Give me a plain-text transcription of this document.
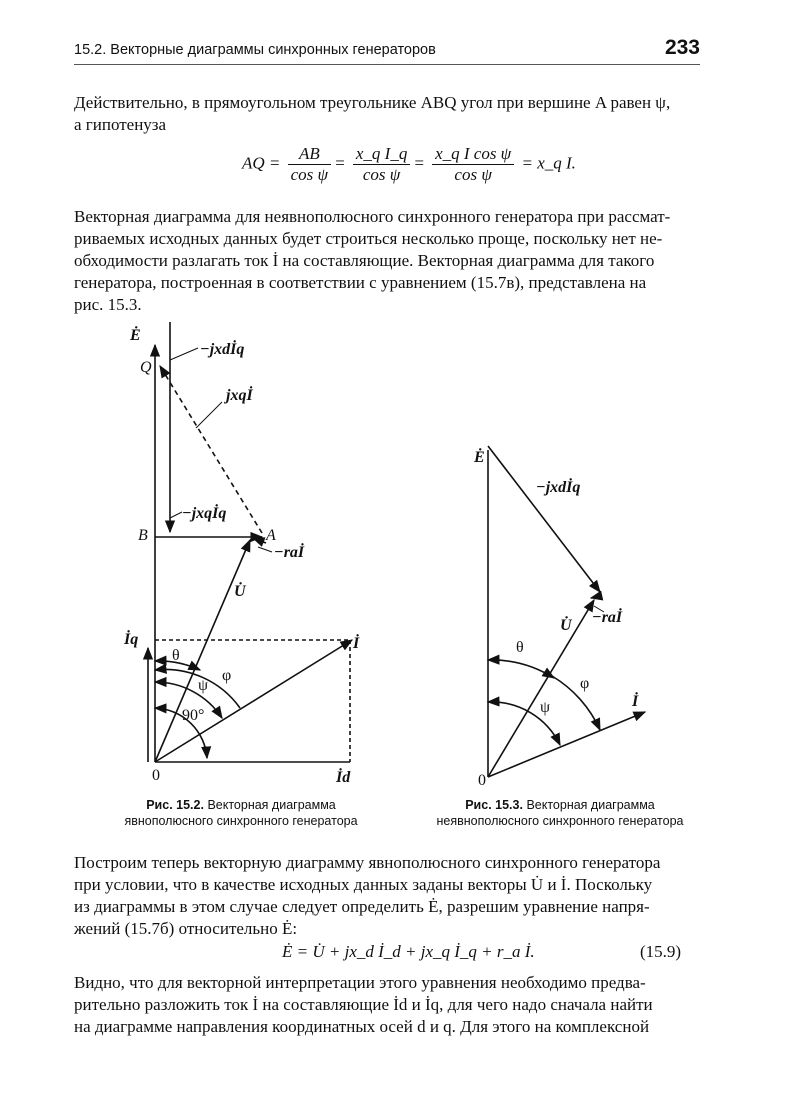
15.2. Векторные диаграммы синхронных генераторов	233

Действительно, в прямоугольном треугольнике ABQ угол при вершине A равен ψ,

а гипотенуза

AQ = $\frac{AB}{\text{cos ψ}} = \frac{\text{x\_q I\_q}}{\text{cos ψ}} = \frac{\text{x\_q I cos ψ}}{\text{cos ψ}}$ = x_q I.

Векторная диаграмма для неявнополюсного синхронного генератора при рассмат-

риваемых исходных данных будет строиться несколько проще, поскольку нет не-

обходимости разлагать ток İ на составляющие. Векторная диаграмма для такого

генератора, построенная в соответствии с уравнением (15.7в), представлена на

рис. 15.3.

Ė
Q
B	A
0
U̇
İ
İq
İd
−jxdİq
jxqİ
−jxqİq
−raİ
θ
φ
ψ
90°
Ė
0
U̇
İ
−jxdİq
−raİ
θ
φ
ψ
Рис. 15.2. Векторная диаграмма
явнополюсного синхронного генератора
Рис. 15.3. Векторная диаграмма
неявнополюсного синхронного генератора

Построим теперь векторную диаграмму явнополюсного синхронного генератора

при условии, что в качестве исходных данных заданы векторы U̇ и İ. Поскольку

из диаграммы в этом случае следует определить Ė, разрешим уравнение напря-

жений (15.7б) относительно Ė:

Ė = U̇ + jx_d İ_d + jx_q İ_q + r_a İ.	(15.9)

Видно, что для векторной интерпретации этого уравнения необходимо предва-

рительно разложить ток İ на составляющие İd и İq, для чего надо сначала найти

на диаграмме направления координатных осей d и q. Для этого на комплексной
